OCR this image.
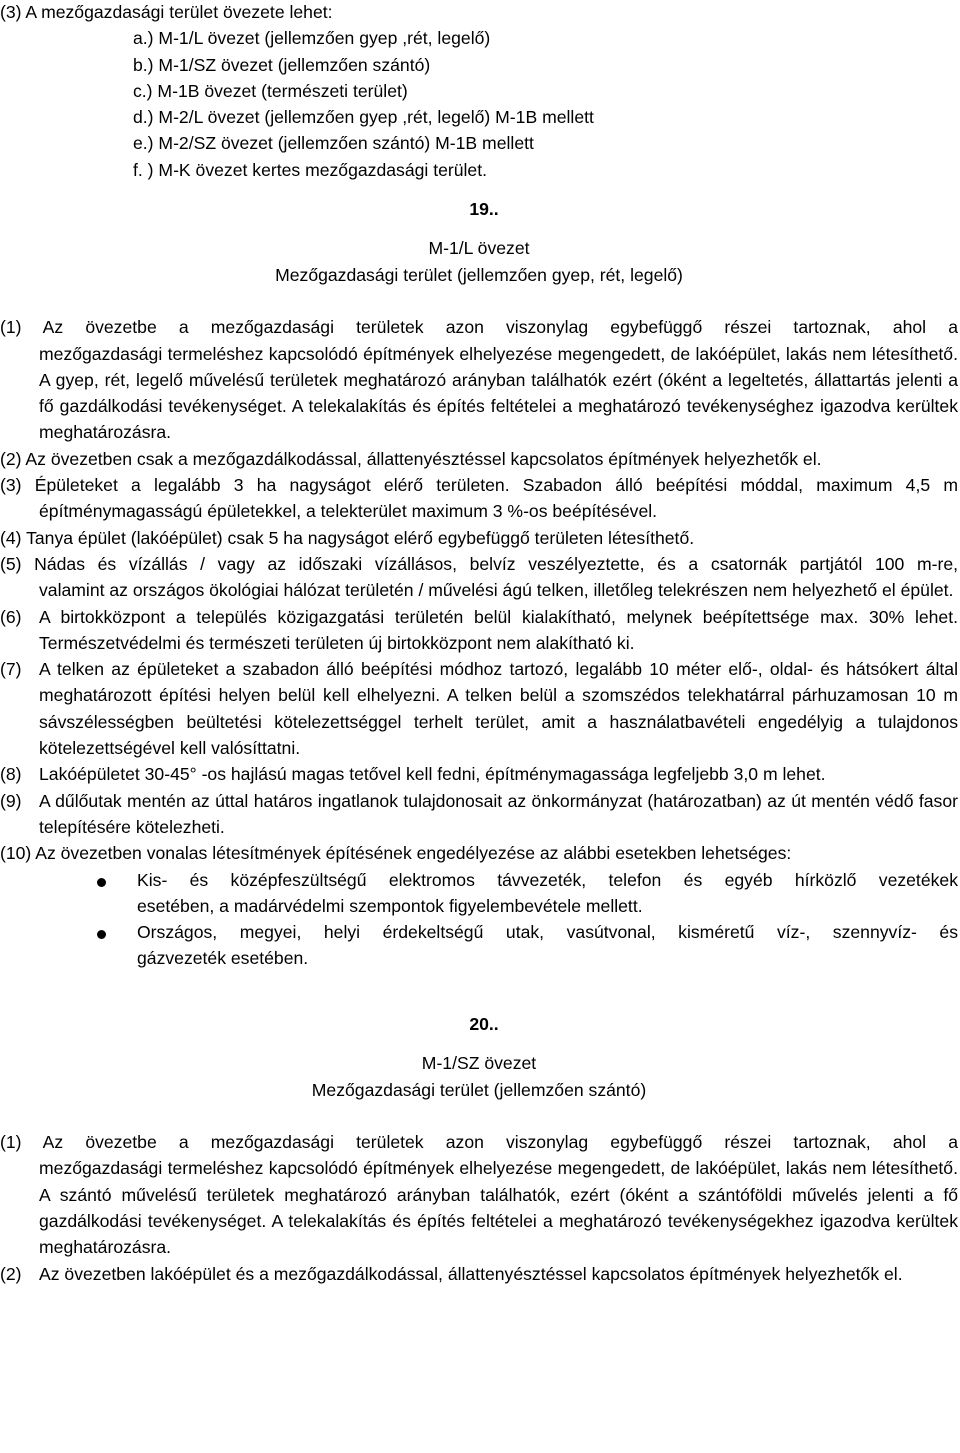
(3) A mezőgazdasági terület övezete lehet:
a.) M-1/L övezet (jellemzően gyep ,rét, legelő)
b.) M-1/SZ övezet (jellemzően szántó)
c.) M-1B övezet (természeti terület)
d.) M-2/L övezet (jellemzően gyep ,rét, legelő) M-1B mellett
e.) M-2/SZ övezet (jellemzően szántó) M-1B mellett
f. ) M-K övezet kertes mezőgazdasági terület.
19..
M-1/L övezet
Mezőgazdasági terület (jellemzően gyep, rét, legelő)
(1) Az övezetbe a mezőgazdasági területek azon viszonylag egybefüggő részei tartoznak, ahol a
mezőgazdasági termeléshez kapcsolódó építmények elhelyezése megengedett, de lakóépület, lakás nem létesíthető. A gyep, rét, legelő művelésű területek meghatározó arányban találhatók ezért (óként a legeltetés, állattartás jelenti a fő gazdálkodási tevékenységet. A telekalakítás és építés feltételei a meghatározó tevékenységhez igazodva kerültek meghatározásra.
(2) Az övezetben csak a mezőgazdálkodással, állattenyésztéssel kapcsolatos építmények helyezhetők el.
(3) Épületeket a legalább 3 ha nagyságot elérő területen. Szabadon álló beépítési móddal, maximum 4,5 m
építménymagasságú épületekkel, a telekterület maximum 3 %-os beépítésével.
(4) Tanya épület (lakóépület) csak 5 ha nagyságot elérő egybefüggő területen létesíthető.
(5) Nádas és vízállás / vagy az időszaki vízállásos, belvíz veszélyeztette, és a csatornák partjától 100 m-re,
valamint az országos ökológiai hálózat területén / művelési ágú telken, illetőleg telekrészen nem helyezhető el épület.
(6) A birtokközpont a település közigazgatási területén belül kialakítható, melynek beépítettsége max. 30% lehet. Természetvédelmi és természeti területen új birtokközpont nem alakítható ki.
(7) A telken az épületeket a szabadon álló beépítési módhoz tartozó, legalább 10 méter elő-, oldal- és hátsókert által meghatározott építési helyen belül kell elhelyezni. A telken belül a szomszédos telekhatárral párhuzamosan 10 m sávszélességben beültetési kötelezettséggel terhelt terület, amit a használatbavételi engedélyig a tulajdonos kötelezettségével kell valósíttatni.
(8) Lakóépületet 30-45° -os hajlású magas tetővel kell fedni, építménymagassága legfeljebb 3,0 m lehet.
(9) A dűlőutak mentén az úttal határos ingatlanok tulajdonosait az önkormányzat (határozatban) az út mentén védő fasor telepítésére kötelezheti.
(10) Az övezetben vonalas létesítmények építésének engedélyezése az alábbi esetekben lehetséges:
Kis- és középfeszültségű elektromos távvezeték, telefon és egyéb hírközlő vezetékek
esetében, a madárvédelmi szempontok figyelembevétele mellett.
Országos, megyei, helyi érdekeltségű utak, vasútvonal, kisméretű víz-, szennyvíz- és
gázvezeték esetében.
20..
M-1/SZ övezet
Mezőgazdasági terület (jellemzően szántó)
(1) Az övezetbe a mezőgazdasági területek azon viszonylag egybefüggő részei tartoznak, ahol a
mezőgazdasági termeléshez kapcsolódó építmények elhelyezése megengedett, de lakóépület, lakás nem létesíthető. A szántó művelésű területek meghatározó arányban találhatók, ezért (óként a szántóföldi művelés jelenti a fő gazdálkodási tevékenységet. A telekalakítás és építés feltételei a meghatározó tevékenységekhez igazodva kerültek meghatározásra.
(2) Az övezetben lakóépület és a mezőgazdálkodással, állattenyésztéssel kapcsolatos építmények helyezhetők el.
